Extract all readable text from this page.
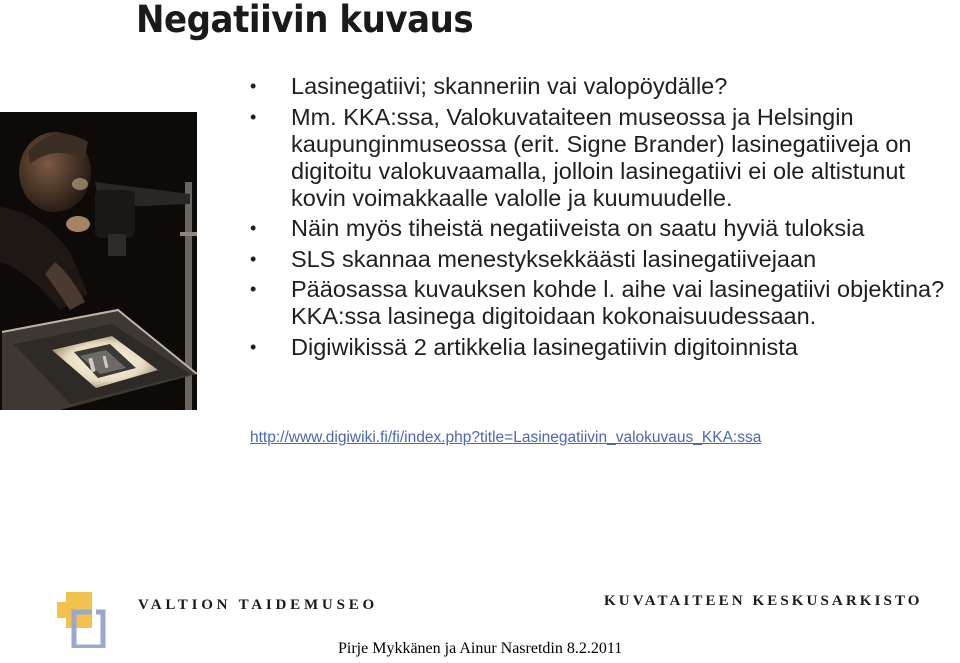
Negatiivin kuvaus
• Lasinegatiivi; skanneriin vai valopöydälle?
• Mm. KKA:ssa, Valokuvataiteen museossa ja Helsingin kaupunginmuseossa (erit. Signe Brander) lasinegatiiveja on digitoitu valokuvaamalla, jolloin lasinegatiivi ei ole altistunut kovin voimakkaalle valolle ja kuumuudelle.
• Näin myös tiheistä negatiiveista on saatu hyviä tuloksia
• SLS skannaa menestyksekkäästi lasinegatiivejaan
• Pääosassa kuvauksen kohde l. aihe vai lasinegatiivi objektina? KKA:ssa lasinega digitoidaan kokonaisuudessaan.
• Digiwikissä 2 artikkelia lasinegatiivin digitoinnista
http://www.digiwiki.fi/fi/index.php?title=Lasinegatiivin_valokuvaus_KKA:ssa
VALTION TAIDEMUSEO	KUVATAITEEN KESKUSARKISTO
Pirje Mykkänen ja Ainur Nasretdin 8.2.2011
